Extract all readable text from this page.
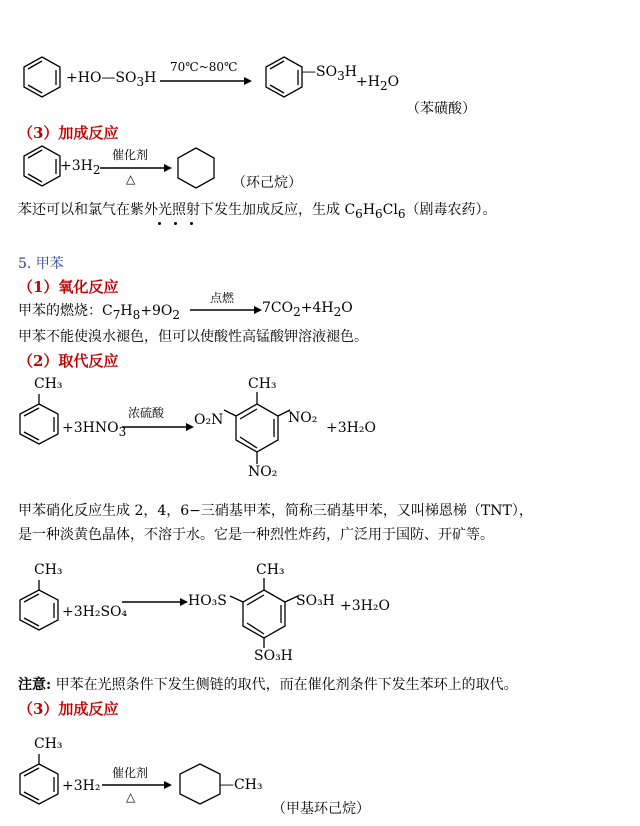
$+HO—SO_3H$
70℃~80℃	$—SO_3H$
$+H_2O$
（苯磺酸）
（3）加成反应
$+3H_2$
催化剂
△	（环己烷）
苯还可以和氯气在紫外光照射下发生加成反应，生成 $C_6H_6Cl_6$（剧毒农药）。
5. 甲苯
（1）氧化反应
甲苯的燃烧：$C_7H_8+9O_2$
点燃
$7CO_2+4H_2O$
甲苯不能使溴水褪色，但可以使酸性高锰酸钾溶液褪色。
（2）取代反应
CH₃
$+3HNO_3$
浓硫酸
CH₃
O₂N	NO₂
NO₂
+3H₂O
甲苯硝化反应生成 2，4，6−三硝基甲苯，简称三硝基甲苯，又叫梯恩梯（TNT），
是一种淡黄色晶体，不溶于水。它是一种烈性炸药，广泛用于国防、开矿等。
CH₃
+3H₂SO₄
CH₃
HO₃S	SO₃H
SO₃H
+3H₂O
注意: 甲苯在光照条件下发生侧链的取代，而在催化剂条件下发生苯环上的取代。
（3）加成反应
CH₃
+3H₂
催化剂
△
—CH₃
（甲基环己烷）
